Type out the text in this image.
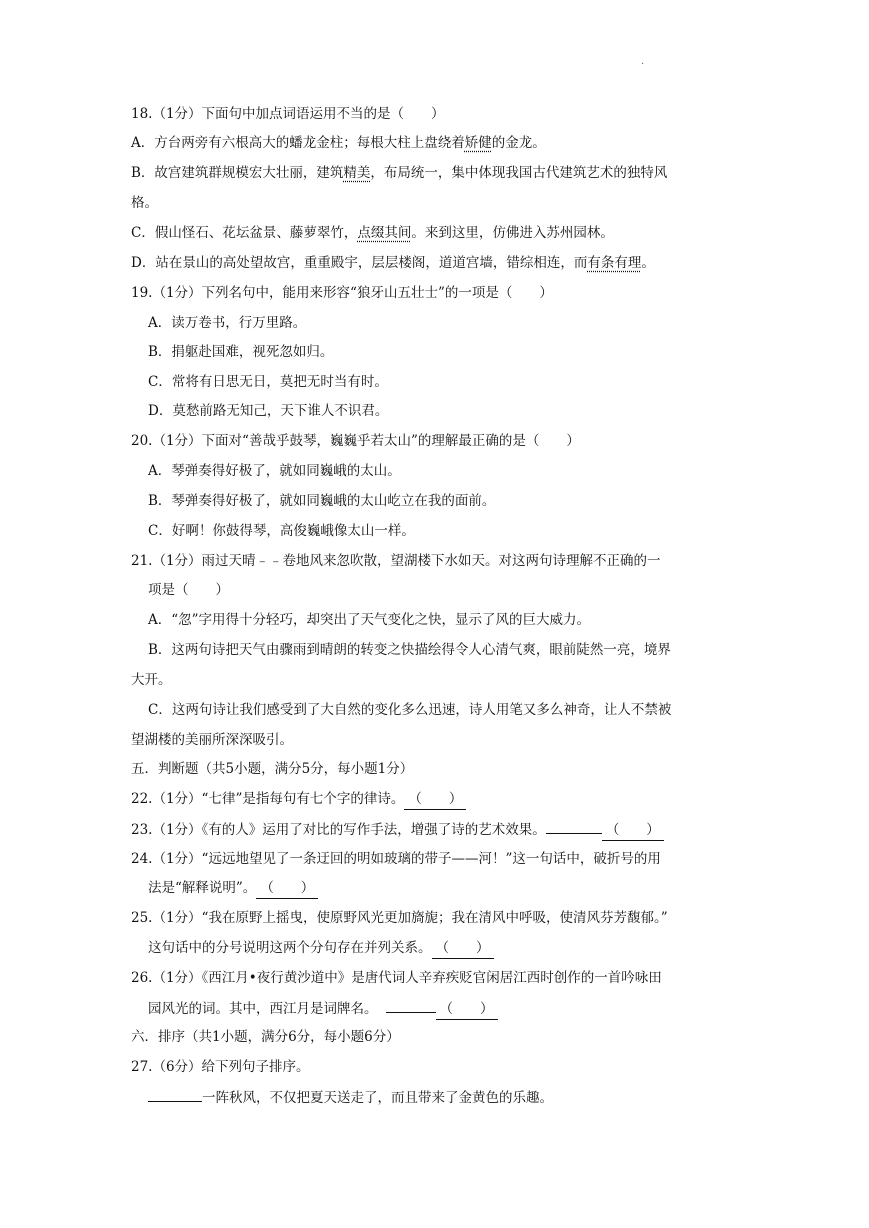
.
18.（1分）下面句中加点词语运用不当的是（　　）
A．方台两旁有六根高大的蟠龙金柱；每根大柱上盘绕着矫健的金龙。
B．故宫建筑群规模宏大壮丽，建筑精美，布局统一，集中体现我国古代建筑艺术的独特风
格。
C．假山怪石、花坛盆景、藤萝翠竹，点缀其间。来到这里，仿佛进入苏州园林。
D．站在景山的高处望故宫，重重殿宇，层层楼阁，道道宫墙，错综相连，而有条有理。
19.（1分）下列名句中，能用来形容“狼牙山五壮士”的一项是（　　）
A．读万卷书，行万里路。
B．捐躯赴国难，视死忽如归。
C．常将有日思无日，莫把无时当有时。
D．莫愁前路无知己，天下谁人不识君。
20.（1分）下面对“善哉乎鼓琴，巍巍乎若太山”的理解最正确的是（　　）
A．琴弹奏得好极了，就如同巍峨的太山。
B．琴弹奏得好极了，就如同巍峨的太山屹立在我的面前。
C．好啊！你鼓得琴，高俊巍峨像太山一样。
21.（1分）雨过天晴﹣﹣卷地风来忽吹散，望湖楼下水如天。对这两句诗理解不正确的一
项是（　　）
A．“忽”字用得十分轻巧，却突出了天气变化之快，显示了风的巨大威力。
B．这两句诗把天气由骤雨到晴朗的转变之快描绘得令人心清气爽，眼前陡然一亮，境界
大开。
C．这两句诗让我们感受到了大自然的变化多么迅速，诗人用笔又多么神奇，让人不禁被
望湖楼的美丽所深深吸引。
五．判断题（共5小题，满分5分，每小题1分）
22.（1分）“七律”是指每句有七个字的律诗。 （　　）
23.（1分）《有的人》运用了对比的写作手法，增强了诗的艺术效果。	（　　）
24.（1分）“远远地望见了一条迂回的明如玻璃的带子——河！”这一句话中，破折号的用
法是“解释说明”。 （　　）
25.（1分）“我在原野上摇曳，使原野风光更加旖旎；我在清风中呼吸，使清风芬芳馥郁。”
这句话中的分号说明这两个分句存在并列关系。 （　　）
26.（1分）《西江月•夜行黄沙道中》是唐代词人辛弃疾贬官闲居江西时创作的一首吟咏田
园风光的词。其中，西江月是词牌名。	（　　）
六．排序（共1小题，满分6分，每小题6分）
27.（6分）给下列句子排序。
一阵秋风，不仅把夏天送走了，而且带来了金黄色的乐趣。
